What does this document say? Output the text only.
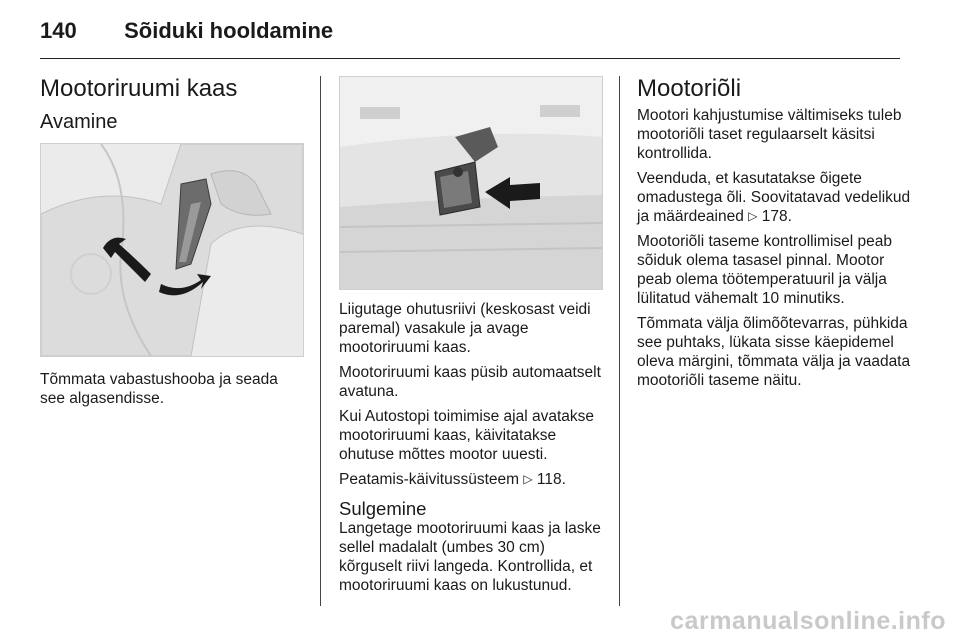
140 Sõiduki hooldamine
Mootoriruumi kaas
Avamine

Tõmmata vabastushooba ja seada see algasendisse.

Liigutage ohutusriivi (keskosast veidi paremal) vasakule ja avage mootoriruumi kaas.

Mootoriruumi kaas püsib automaatselt avatuna.

Kui Autostopi toimimise ajal avatakse mootoriruumi kaas, käivitatakse ohutuse mõttes mootor uuesti.

Peatamis-käivitussüsteem ▷ 118.

Sulgemine

Langetage mootoriruumi kaas ja laske sellel madalalt (umbes 30 cm) kõrguselt riivi langeda. Kontrollida, et mootoriruumi kaas on lukustunud.

Mootoriõli

Mootori kahjustumise vältimiseks tuleb mootoriõli taset regulaarselt käsitsi kontrollida.

Veenduda, et kasutatakse õigete omadustega õli. Soovitatavad vedelikud ja määrdeained ▷ 178.

Mootoriõli taseme kontrollimisel peab sõiduk olema tasasel pinnal. Mootor peab olema töötemperatuuril ja välja lülitatud vähemalt 10 minutiks.

Tõmmata välja õlimõõtevarras, pühkida see puhtaks, lükata sisse käepidemel oleva märgini, tõmmata välja ja vaadata mootoriõli taseme näitu.

carmanualsonline.info
